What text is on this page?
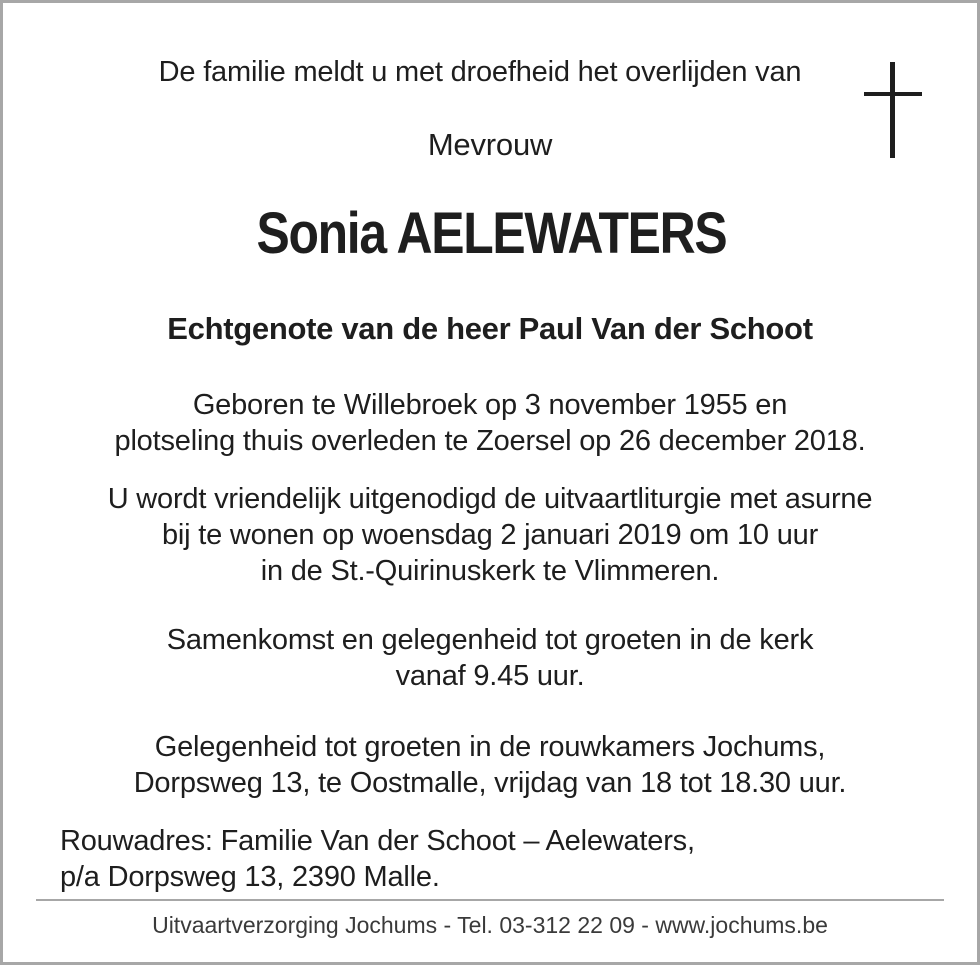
De familie meldt u met droefheid het overlijden van
Mevrouw
Sonia AELEWATERS
Echtgenote van de heer Paul Van der Schoot
Geboren te Willebroek op 3 november 1955 en
plotseling thuis overleden te Zoersel op 26 december 2018.
U wordt vriendelijk uitgenodigd de uitvaartliturgie met asurne
bij te wonen op woensdag 2 januari 2019 om 10 uur
in de St.-Quirinuskerk te Vlimmeren.
Samenkomst en gelegenheid tot groeten in de kerk
vanaf 9.45 uur.
Gelegenheid tot groeten in de rouwkamers Jochums,
Dorpsweg 13, te Oostmalle, vrijdag van 18 tot 18.30 uur.
Rouwadres: Familie Van der Schoot – Aelewaters,
p/a Dorpsweg 13, 2390 Malle.
Uitvaartverzorging Jochums - Tel. 03-312 22 09 - www.jochums.be
